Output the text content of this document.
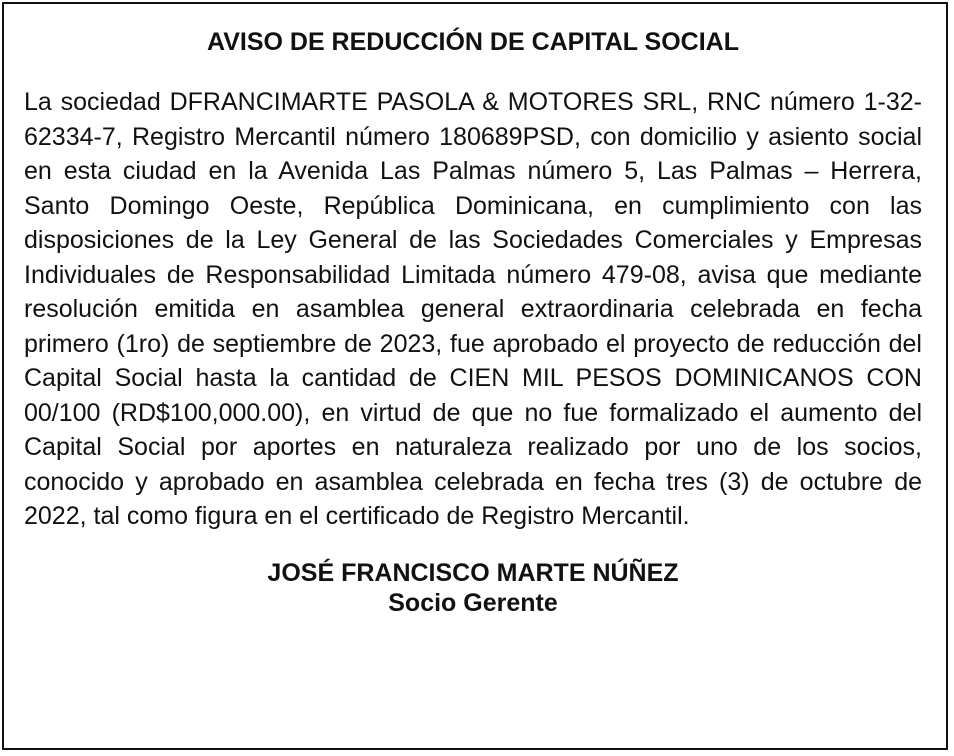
AVISO DE REDUCCIÓN DE CAPITAL SOCIAL

La sociedad DFRANCIMARTE PASOLA & MOTORES SRL, RNC número 1-32-62334-7, Registro Mercantil número 180689PSD, con domicilio y asiento social en esta ciudad en la Avenida Las Palmas número 5, Las Palmas – Herrera, Santo Domingo Oeste, República Dominicana, en cumplimiento con las disposiciones de la Ley General de las Sociedades Comerciales y Empresas Individuales de Responsabilidad Limitada número 479-08, avisa que mediante resolución emitida en asamblea general extraordinaria celebrada en fecha primero (1ro) de septiembre de 2023, fue aprobado el proyecto de reducción del Capital Social hasta la cantidad de CIEN MIL PESOS DOMINICANOS CON 00/100 (RD$100,000.00), en virtud de que no fue formalizado el aumento del Capital Social por aportes en naturaleza realizado por uno de los socios, conocido y aprobado en asamblea celebrada en fecha tres (3) de octubre de 2022, tal como figura en el certificado de Registro Mercantil.

JOSÉ FRANCISCO MARTE NÚÑEZ
Socio Gerente
